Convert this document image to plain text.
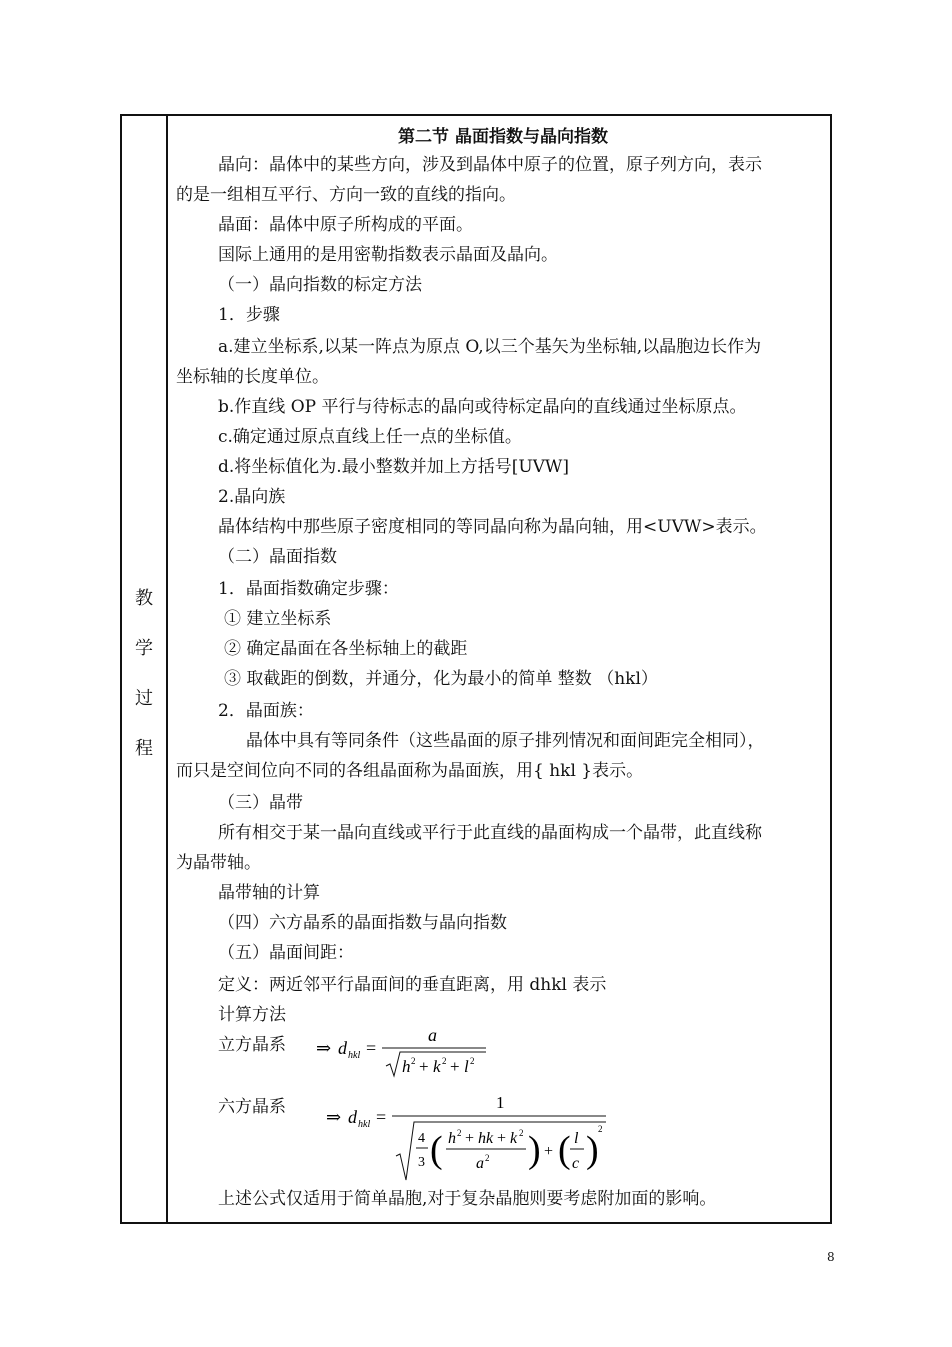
教
学
过
程
第二节 晶面指数与晶向指数
晶向：晶体中的某些方向，涉及到晶体中原子的位置，原子列方向，表示
的是一组相互平行、方向一致的直线的指向。
晶面：晶体中原子所构成的平面。
国际上通用的是用密勒指数表示晶面及晶向。
（一）晶向指数的标定方法
1．步骤
a.建立坐标系,以某一阵点为原点 O,以三个基矢为坐标轴,以晶胞边长作为
坐标轴的长度单位。
b.作直线 OP 平行与待标志的晶向或待标定晶向的直线通过坐标原点。
c.确定通过原点直线上任一点的坐标值。
d.将坐标值化为.最小整数并加上方括号[UVW]
2.晶向族
晶体结构中那些原子密度相同的等同晶向称为晶向轴，用<UVW>表示。
（二）晶面指数
1．晶面指数确定步骤：
① 建立坐标系
② 确定晶面在各坐标轴上的截距
③ 取截距的倒数，并通分，化为最小的简单 整数 （hkl）
2．晶面族：
晶体中具有等同条件（这些晶面的原子排列情况和面间距完全相同），
而只是空间位向不同的各组晶面称为晶面族，用{ hkl }表示。
（三）晶带
所有相交于某一晶向直线或平行于此直线的晶面构成一个晶带，此直线称
为晶带轴。
晶带轴的计算
（四）六方晶系的晶面指数与晶向指数
（五）晶面间距：
定义：两近邻平行晶面间的垂直距离，用 dhkl 表示
计算方法
立方晶系 ⇒ d hkl =
a
h 2 + k 2 + l 2
六方晶系 ⇒ d hkl =
1
4
3 ( h 2 + hk + k 2
a 2 ) + ( l
c ) 2
上述公式仅适用于简单晶胞,对于复杂晶胞则要考虑附加面的影响。
8
